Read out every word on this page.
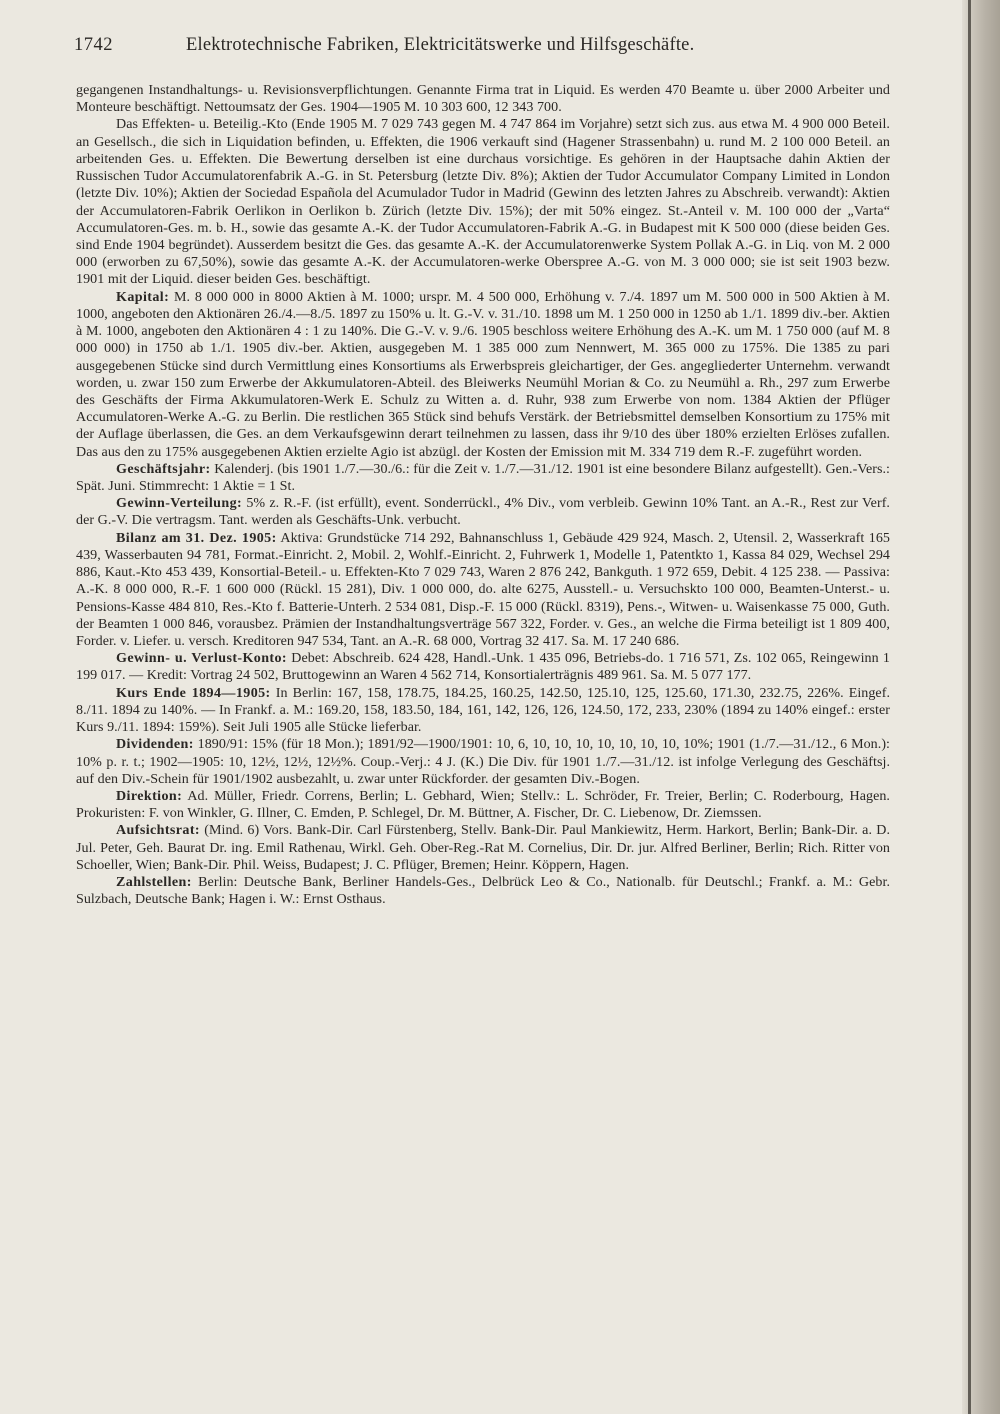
1742	Elektrotechnische Fabriken, Elektricitätswerke und Hilfsgeschäfte.

gegangenen Instandhaltungs- u. Revisionsverpflichtungen. Genannte Firma trat in Liquid. Es werden 470 Beamte u. über 2000 Arbeiter und Monteure beschäftigt. Nettoumsatz der Ges. 1904—1905 M. 10 303 600, 12 343 700.

Das Effekten- u. Beteilig.-Kto (Ende 1905 M. 7 029 743 gegen M. 4 747 864 im Vorjahre) setzt sich zus. aus etwa M. 4 900 000 Beteil. an Gesellsch., die sich in Liquidation befinden, u. Effekten, die 1906 verkauft sind (Hagener Strassenbahn) u. rund M. 2 100 000 Beteil. an arbeitenden Ges. u. Effekten. Die Bewertung derselben ist eine durchaus vorsichtige. Es gehören in der Hauptsache dahin Aktien der Russischen Tudor Accumulatorenfabrik A.-G. in St. Petersburg (letzte Div. 8%); Aktien der Tudor Accumulator Company Limited in London (letzte Div. 10%); Aktien der Sociedad Española del Acumulador Tudor in Madrid (Gewinn des letzten Jahres zu Abschreib. verwandt): Aktien der Accumulatoren-Fabrik Oerlikon in Oerlikon b. Zürich (letzte Div. 15%); der mit 50% eingez. St.-Anteil v. M. 100 000 der „Varta“ Accumulatoren-Ges. m. b. H., sowie das gesamte A.-K. der Tudor Accumulatoren-Fabrik A.-G. in Budapest mit K 500 000 (diese beiden Ges. sind Ende 1904 begründet). Ausserdem besitzt die Ges. das gesamte A.-K. der Accumulatorenwerke System Pollak A.-G. in Liq. von M. 2 000 000 (erworben zu 67,50%), sowie das gesamte A.-K. der Accumulatoren-werke Oberspree A.-G. von M. 3 000 000; sie ist seit 1903 bezw. 1901 mit der Liquid. dieser beiden Ges. beschäftigt.

Kapital: M. 8 000 000 in 8000 Aktien à M. 1000; urspr. M. 4 500 000, Erhöhung v. 7./4. 1897 um M. 500 000 in 500 Aktien à M. 1000, angeboten den Aktionären 26./4.—8./5. 1897 zu 150% u. lt. G.-V. v. 31./10. 1898 um M. 1 250 000 in 1250 ab 1./1. 1899 div.-ber. Aktien à M. 1000, angeboten den Aktionären 4 : 1 zu 140%. Die G.-V. v. 9./6. 1905 beschloss weitere Erhöhung des A.-K. um M. 1 750 000 (auf M. 8 000 000) in 1750 ab 1./1. 1905 div.-ber. Aktien, ausgegeben M. 1 385 000 zum Nennwert, M. 365 000 zu 175%. Die 1385 zu pari ausgegebenen Stücke sind durch Vermittlung eines Konsortiums als Erwerbspreis gleichartiger, der Ges. angegliederter Unternehm. verwandt worden, u. zwar 150 zum Erwerbe der Akkumulatoren-Abteil. des Bleiwerks Neumühl Morian & Co. zu Neumühl a. Rh., 297 zum Erwerbe des Geschäfts der Firma Akkumulatoren-Werk E. Schulz zu Witten a. d. Ruhr, 938 zum Erwerbe von nom. 1384 Aktien der Pflüger Accumulatoren-Werke A.-G. zu Berlin. Die restlichen 365 Stück sind behufs Verstärk. der Betriebsmittel demselben Konsortium zu 175% mit der Auflage überlassen, die Ges. an dem Verkaufsgewinn derart teilnehmen zu lassen, dass ihr 9/10 des über 180% erzielten Erlöses zufallen. Das aus den zu 175% ausgegebenen Aktien erzielte Agio ist abzügl. der Kosten der Emission mit M. 334 719 dem R.-F. zugeführt worden.

Geschäftsjahr: Kalenderj. (bis 1901 1./7.—30./6.: für die Zeit v. 1./7.—31./12. 1901 ist eine besondere Bilanz aufgestellt). Gen.-Vers.: Spät. Juni. Stimmrecht: 1 Aktie = 1 St.

Gewinn-Verteilung: 5% z. R.-F. (ist erfüllt), event. Sonderrückl., 4% Div., vom verbleib. Gewinn 10% Tant. an A.-R., Rest zur Verf. der G.-V. Die vertragsm. Tant. werden als Geschäfts-Unk. verbucht.

Bilanz am 31. Dez. 1905: Aktiva: Grundstücke 714 292, Bahnanschluss 1, Gebäude 429 924, Masch. 2, Utensil. 2, Wasserkraft 165 439, Wasserbauten 94 781, Format.-Einricht. 2, Mobil. 2, Wohlf.-Einricht. 2, Fuhrwerk 1, Modelle 1, Patentkto 1, Kassa 84 029, Wechsel 294 886, Kaut.-Kto 453 439, Konsortial-Beteil.- u. Effekten-Kto 7 029 743, Waren 2 876 242, Bankguth. 1 972 659, Debit. 4 125 238. — Passiva: A.-K. 8 000 000, R.-F. 1 600 000 (Rückl. 15 281), Div. 1 000 000, do. alte 6275, Ausstell.- u. Versuchskto 100 000, Beamten-Unterst.- u. Pensions-Kasse 484 810, Res.-Kto f. Batterie-Unterh. 2 534 081, Disp.-F. 15 000 (Rückl. 8319), Pens.-, Witwen- u. Waisenkasse 75 000, Guth. der Beamten 1 000 846, vorausbez. Prämien der Instandhaltungsverträge 567 322, Forder. v. Ges., an welche die Firma beteiligt ist 1 809 400, Forder. v. Liefer. u. versch. Kreditoren 947 534, Tant. an A.-R. 68 000, Vortrag 32 417. Sa. M. 17 240 686.

Gewinn- u. Verlust-Konto: Debet: Abschreib. 624 428, Handl.-Unk. 1 435 096, Betriebs-do. 1 716 571, Zs. 102 065, Reingewinn 1 199 017. — Kredit: Vortrag 24 502, Bruttogewinn an Waren 4 562 714, Konsortialerträgnis 489 961. Sa. M. 5 077 177.

Kurs Ende 1894—1905: In Berlin: 167, 158, 178.75, 184.25, 160.25, 142.50, 125.10, 125, 125.60, 171.30, 232.75, 226%. Eingef. 8./11. 1894 zu 140%. — In Frankf. a. M.: 169.20, 158, 183.50, 184, 161, 142, 126, 126, 124.50, 172, 233, 230% (1894 zu 140% eingef.: erster Kurs 9./11. 1894: 159%). Seit Juli 1905 alle Stücke lieferbar.

Dividenden: 1890/91: 15% (für 18 Mon.); 1891/92—1900/1901: 10, 6, 10, 10, 10, 10, 10, 10, 10, 10%; 1901 (1./7.—31./12., 6 Mon.): 10% p. r. t.; 1902—1905: 10, 12½, 12½, 12½%. Coup.-Verj.: 4 J. (K.) Die Div. für 1901 1./7.—31./12. ist infolge Verlegung des Geschäftsj. auf den Div.-Schein für 1901/1902 ausbezahlt, u. zwar unter Rückforder. der gesamten Div.-Bogen.

Direktion: Ad. Müller, Friedr. Correns, Berlin; L. Gebhard, Wien; Stellv.: L. Schröder, Fr. Treier, Berlin; C. Roderbourg, Hagen. Prokuristen: F. von Winkler, G. Illner, C. Emden, P. Schlegel, Dr. M. Büttner, A. Fischer, Dr. C. Liebenow, Dr. Ziemssen.

Aufsichtsrat: (Mind. 6) Vors. Bank-Dir. Carl Fürstenberg, Stellv. Bank-Dir. Paul Mankiewitz, Herm. Harkort, Berlin; Bank-Dir. a. D. Jul. Peter, Geh. Baurat Dr. ing. Emil Rathenau, Wirkl. Geh. Ober-Reg.-Rat M. Cornelius, Dir. Dr. jur. Alfred Berliner, Berlin; Rich. Ritter von Schoeller, Wien; Bank-Dir. Phil. Weiss, Budapest; J. C. Pflüger, Bremen; Heinr. Köppern, Hagen.

Zahlstellen: Berlin: Deutsche Bank, Berliner Handels-Ges., Delbrück Leo & Co., Nationalb. für Deutschl.; Frankf. a. M.: Gebr. Sulzbach, Deutsche Bank; Hagen i. W.: Ernst Osthaus.
